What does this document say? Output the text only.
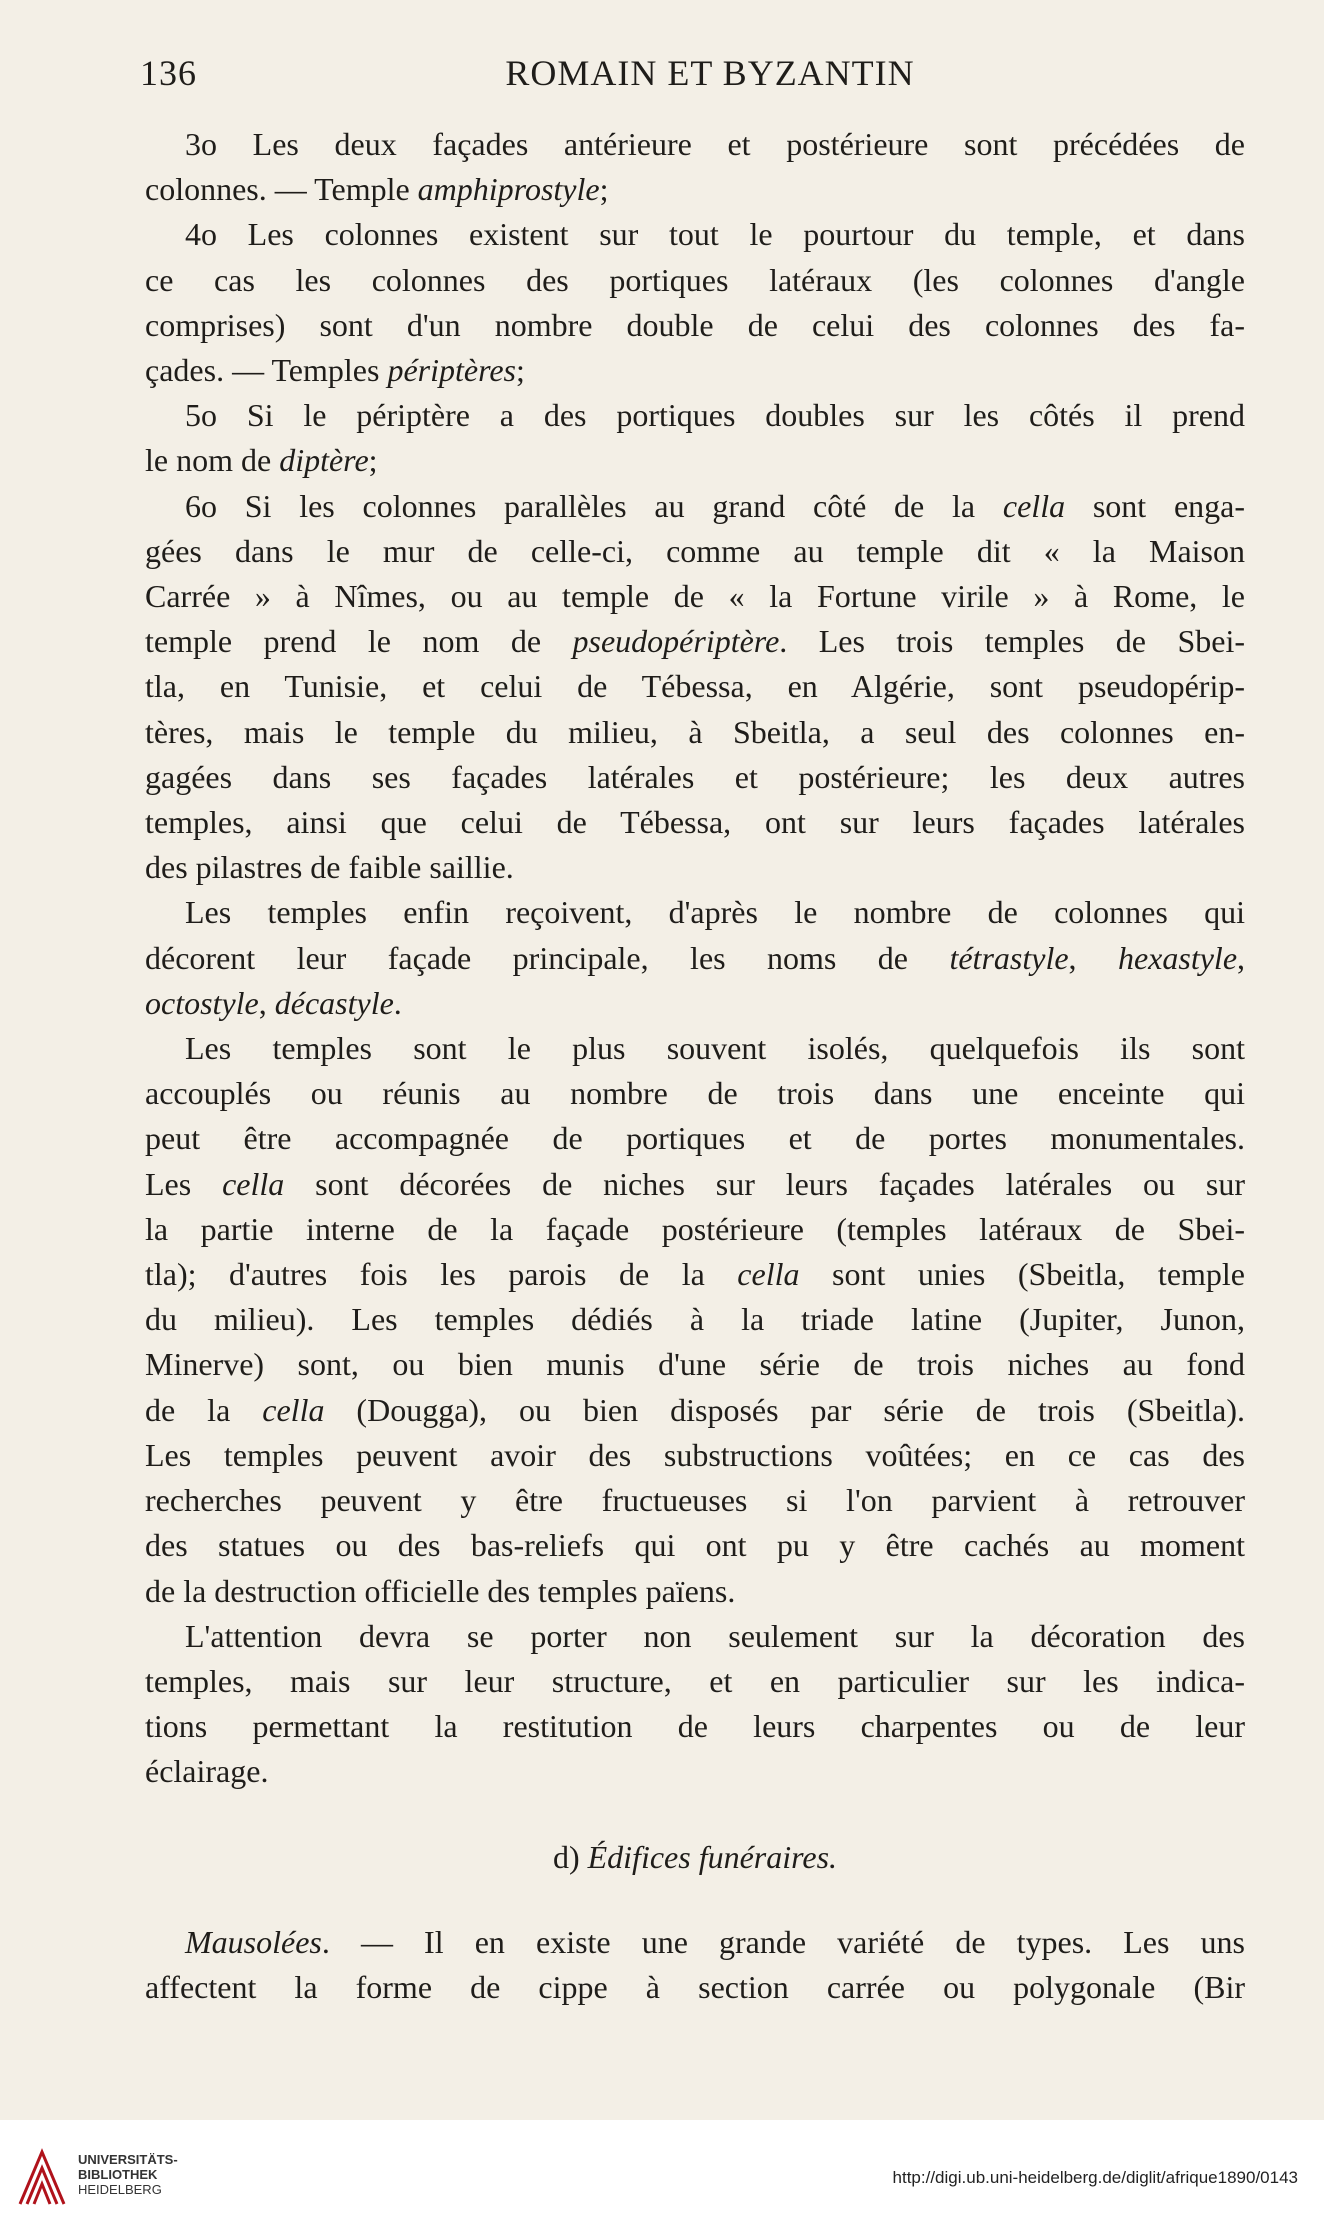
136	ROMAIN ET BYZANTIN
3o Les deux façades antérieure et postérieure sont précédées de
colonnes. — Temple amphiprostyle;
4o Les colonnes existent sur tout le pourtour du temple, et dans
ce cas les colonnes des portiques latéraux (les colonnes d'angle
comprises) sont d'un nombre double de celui des colonnes des fa-
çades. — Temples périptères;
5o Si le périptère a des portiques doubles sur les côtés il prend
le nom de diptère;
6o Si les colonnes parallèles au grand côté de la cella sont enga-
gées dans le mur de celle-ci, comme au temple dit « la Maison
Carrée » à Nîmes, ou au temple de « la Fortune virile » à Rome, le
temple prend le nom de pseudopériptère. Les trois temples de Sbei-
tla, en Tunisie, et celui de Tébessa, en Algérie, sont pseudopérip-
tères, mais le temple du milieu, à Sbeitla, a seul des colonnes en-
gagées dans ses façades latérales et postérieure; les deux autres
temples, ainsi que celui de Tébessa, ont sur leurs façades latérales
des pilastres de faible saillie.
Les temples enfin reçoivent, d'après le nombre de colonnes qui
décorent leur façade principale, les noms de tétrastyle, hexastyle,
octostyle, décastyle.
Les temples sont le plus souvent isolés, quelquefois ils sont
accouplés ou réunis au nombre de trois dans une enceinte qui
peut être accompagnée de portiques et de portes monumentales.
Les cella sont décorées de niches sur leurs façades latérales ou sur
la partie interne de la façade postérieure (temples latéraux de Sbei-
tla); d'autres fois les parois de la cella sont unies (Sbeitla, temple
du milieu). Les temples dédiés à la triade latine (Jupiter, Junon,
Minerve) sont, ou bien munis d'une série de trois niches au fond
de la cella (Dougga), ou bien disposés par série de trois (Sbeitla).
Les temples peuvent avoir des substructions voûtées; en ce cas des
recherches peuvent y être fructueuses si l'on parvient à retrouver
des statues ou des bas-reliefs qui ont pu y être cachés au moment
de la destruction officielle des temples païens.
L'attention devra se porter non seulement sur la décoration des
temples, mais sur leur structure, et en particulier sur les indica-
tions permettant la restitution de leurs charpentes ou de leur
éclairage.
d) Édifices funéraires.
Mausolées. — Il en existe une grande variété de types. Les uns
affectent la forme de cippe à section carrée ou polygonale (Bir
UNIVERSITÄTS-
BIBLIOTHEK
HEIDELBERG
http://digi.ub.uni-heidelberg.de/diglit/afrique1890/0143
